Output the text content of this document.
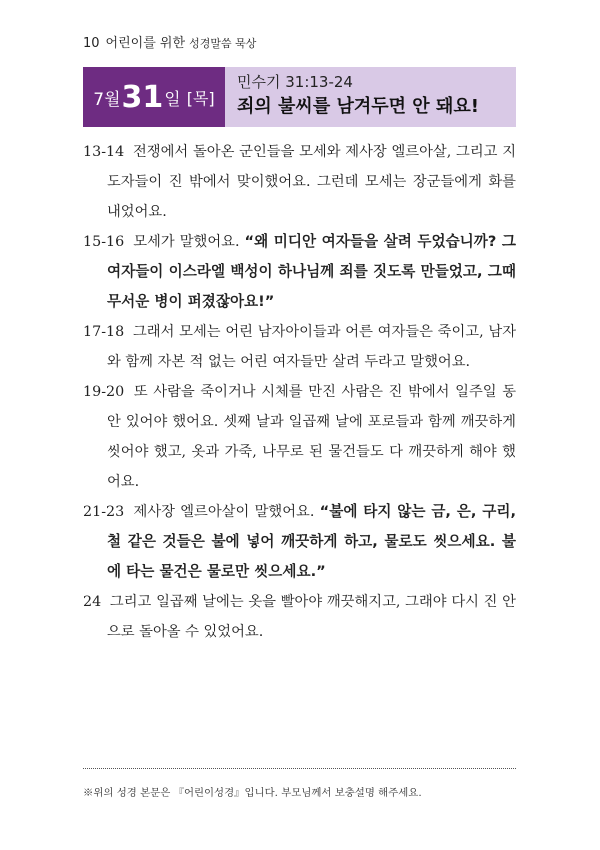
10 어린이를 위한 성경말씀 묵상
7월 31 일 [목]
민수기 31:13-24
죄의 불씨를 남겨두면 안 돼요!

13-14 전쟁에서 돌아온 군인들을 모세와 제사장 엘르아살, 그리고 지도자들이 진 밖에서 맞이했어요. 그런데 모세는 장군들에게 화를 내었어요.

15-16 모세가 말했어요. “왜 미디안 여자들을 살려 두었습니까? 그 여자들이 이스라엘 백성이 하나님께 죄를 짓도록 만들었고, 그때 무서운 병이 퍼졌잖아요!”

17-18 그래서 모세는 어린 남자아이들과 어른 여자들은 죽이고, 남자와 함께 자본 적 없는 어린 여자들만 살려 두라고 말했어요.

19-20 또 사람을 죽이거나 시체를 만진 사람은 진 밖에서 일주일 동안 있어야 했어요. 셋째 날과 일곱째 날에 포로들과 함께 깨끗하게 씻어야 했고, 옷과 가죽, 나무로 된 물건들도 다 깨끗하게 해야 했어요.

21-23 제사장 엘르아살이 말했어요. “불에 타지 않는 금, 은, 구리, 철 같은 것들은 불에 넣어 깨끗하게 하고, 물로도 씻으세요. 불에 타는 물건은 물로만 씻으세요.”

24 그리고 일곱째 날에는 옷을 빨아야 깨끗해지고, 그래야 다시 진 안으로 돌아올 수 있었어요.

※위의 성경 본문은 『어린이성경』입니다. 부모님께서 보충설명 해주세요.
